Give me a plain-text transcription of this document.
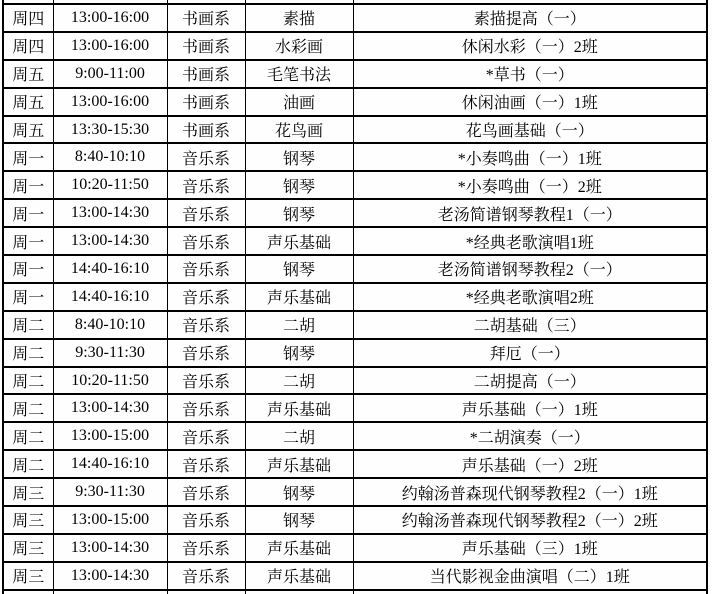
周四	13:00-16:00	书画系	素描	素描提高（一）
周四	13:00-16:00	书画系	水彩画	休闲水彩（一）2班
周五	9:00-11:00	书画系	毛笔书法	*草书（一）
周五	13:00-16:00	书画系	油画	休闲油画（一）1班
周五	13:30-15:30	书画系	花鸟画	花鸟画基础（一）
周一	8:40-10:10	音乐系	钢琴	*小奏鸣曲（一）1班
周一	10:20-11:50	音乐系	钢琴	*小奏鸣曲（一）2班
周一	13:00-14:30	音乐系	钢琴	老汤简谱钢琴教程1（一）
周一	13:00-14:30	音乐系	声乐基础	*经典老歌演唱1班
周一	14:40-16:10	音乐系	钢琴	老汤简谱钢琴教程2（一）
周一	14:40-16:10	音乐系	声乐基础	*经典老歌演唱2班
周二	8:40-10:10	音乐系	二胡	二胡基础（三）
周二	9:30-11:30	音乐系	钢琴	拜厄（一）
周二	10:20-11:50	音乐系	二胡	二胡提高（一）
周二	13:00-14:30	音乐系	声乐基础	声乐基础（一）1班
周二	13:00-15:00	音乐系	二胡	*二胡演奏（一）
周二	14:40-16:10	音乐系	声乐基础	声乐基础（一）2班
周三	9:30-11:30	音乐系	钢琴	约翰汤普森现代钢琴教程2（一）1班
周三	13:00-15:00	音乐系	钢琴	约翰汤普森现代钢琴教程2（一）2班
周三	13:00-14:30	音乐系	声乐基础	声乐基础（三）1班
周三	13:00-14:30	音乐系	声乐基础	当代影视金曲演唱（二）1班
